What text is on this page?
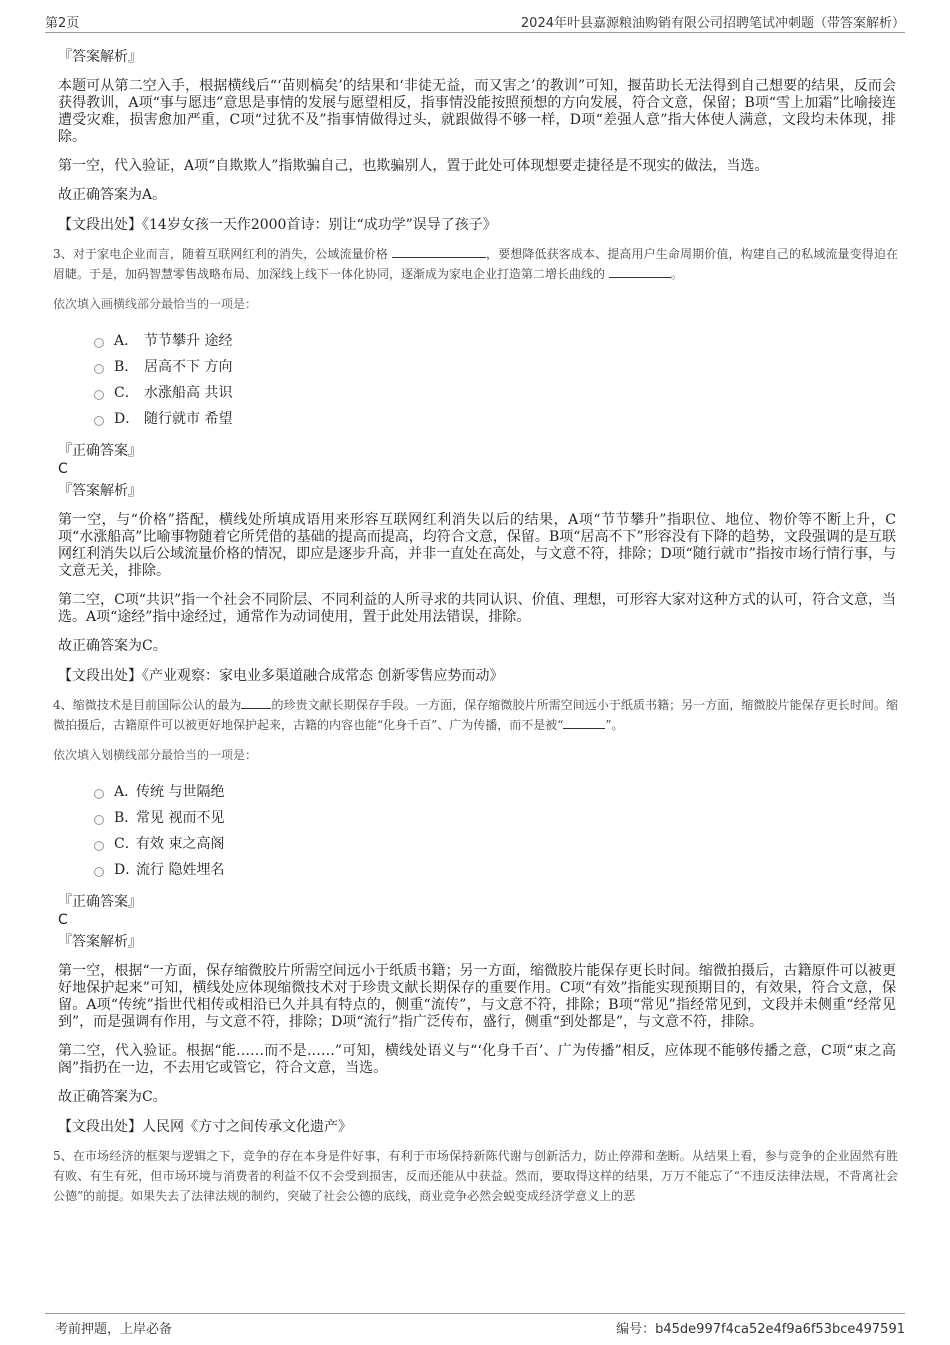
第2页	2024年叶县嘉源粮油购销有限公司招聘笔试冲刺题（带答案解析）

『答案解析』

本题可从第二空入手，根据横线后“‘苗则槁矣’的结果和‘非徒无益，而又害之’的教训”可知，揠苗助长无法得到自己想要的结果，反而会获得教训，A项“事与愿违”意思是事情的发展与愿望相反，指事情没能按照预想的方向发展，符合文意，保留；B项“雪上加霜”比喻接连遭受灾难，损害愈加严重，C项“过犹不及”指事情做得过头，就跟做得不够一样，D项“差强人意”指大体使人满意，文段均未体现，排除。

第一空，代入验证，A项“自欺欺人”指欺骗自己，也欺骗别人，置于此处可体现想要走捷径是不现实的做法，当选。

故正确答案为A。

【文段出处】《14岁女孩一天作2000首诗：别让“成功学”误导了孩子》

3、对于家电企业而言，随着互联网红利的消失，公域流量价格	，要想降低获客成本、提高用户生命周期价值，构建自己的私域流量变得迫在眉睫。于是，加码智慧零售战略布局、加深线上线下一体化协同，逐渐成为家电企业打造第二增长曲线的	。

依次填入画横线部分最恰当的一项是：

A． 节节攀升 途经
B． 居高不下 方向
C． 水涨船高 共识
D． 随行就市 希望

『正确答案』

C

『答案解析』

第一空，与“价格”搭配，横线处所填成语用来形容互联网红利消失以后的结果，A项“节节攀升”指职位、地位、物价等不断上升，C项“水涨船高”比喻事物随着它所凭借的基础的提高而提高，均符合文意，保留。B项“居高不下”形容没有下降的趋势，文段强调的是互联网红利消失以后公域流量价格的情况，即应是逐步升高，并非一直处在高处，与文意不符，排除；D项“随行就市”指按市场行情行事，与文意无关，排除。

第二空，C项“共识”指一个社会不同阶层、不同利益的人所寻求的共同认识、价值、理想，可形容大家对这种方式的认可，符合文意，当选。A项“途经”指中途经过，通常作为动词使用，置于此处用法错误，排除。

故正确答案为C。

【文段出处】《产业观察：家电业多渠道融合成常态 创新零售应势而动》

4、缩微技术是目前国际公认的最为	的珍贵文献长期保存手段。一方面，保存缩微胶片所需空间远小于纸质书籍；另一方面，缩微胶片能保存更长时间。缩微拍摄后，古籍原件可以被更好地保护起来，古籍的内容也能“化身千百”、广为传播，而不是被“	”。

依次填入划横线部分最恰当的一项是：

A．
传统 与世隔绝
B．
常见 视而不见
C．
有效 束之高阁
D．
流行 隐姓埋名

『正确答案』

C

『答案解析』

第一空，根据“一方面，保存缩微胶片所需空间远小于纸质书籍；另一方面，缩微胶片能保存更长时间。缩微拍摄后，古籍原件可以被更好地保护起来”可知，横线处应体现缩微技术对于珍贵文献长期保存的重要作用。C项“有效”指能实现预期目的，有效果，符合文意，保留。A项“传统”指世代相传或相沿已久并具有特点的，侧重“流传”，与文意不符，排除；B项“常见”指经常见到，文段并未侧重“经常见到”，而是强调有作用，与文意不符，排除；D项“流行”指广泛传布，盛行，侧重“到处都是”，与文意不符，排除。

第二空，代入验证。根据“能……而不是……”可知，横线处语义与“‘化身千百’、广为传播”相反，应体现不能够传播之意，C项“束之高阁”指扔在一边，不去用它或管它，符合文意，当选。

故正确答案为C。

【文段出处】人民网《方寸之间传承文化遗产》

5、在市场经济的框架与逻辑之下，竞争的存在本身是件好事，有利于市场保持新陈代谢与创新活力，防止停滞和垄断。从结果上看，参与竞争的企业固然有胜有败、有生有死，但市场环境与消费者的利益不仅不会受到损害，反而还能从中获益。然而，要取得这样的结果，万万不能忘了“不违反法律法规，不背离社会公德”的前提。如果失去了法律法规的制约，突破了社会公德的底线，商业竞争必然会蜕变成经济学意义上的恶
考前押题，上岸必备	编号：b45de997f4ca52e4f9a6f53bce497591
